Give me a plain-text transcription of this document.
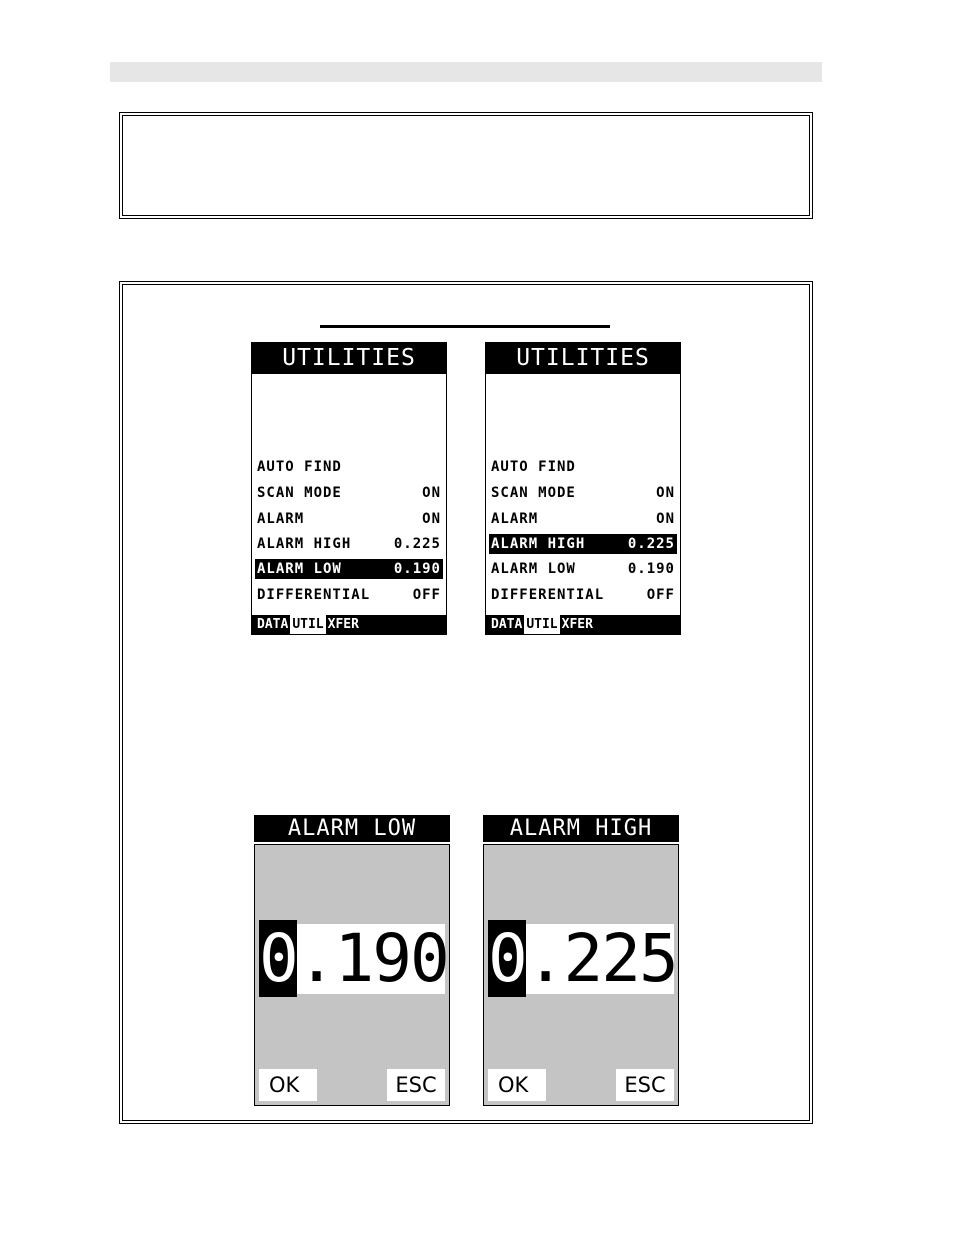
UTILITIES
AUTO FIND
SCAN MODE	ON
ALARM	ON
ALARM HIGH	0.225
ALARM LOW	0.190
DIFFERENTIAL	OFF
DATA UTIL XFER
UTILITIES
AUTO FIND
SCAN MODE	ON
ALARM	ON
ALARM HIGH	0.225
ALARM LOW	0.190
DIFFERENTIAL	OFF
DATA UTIL XFER
ALARM LOW
0.190
OK	ESC
ALARM HIGH
0.225
OK	ESC
